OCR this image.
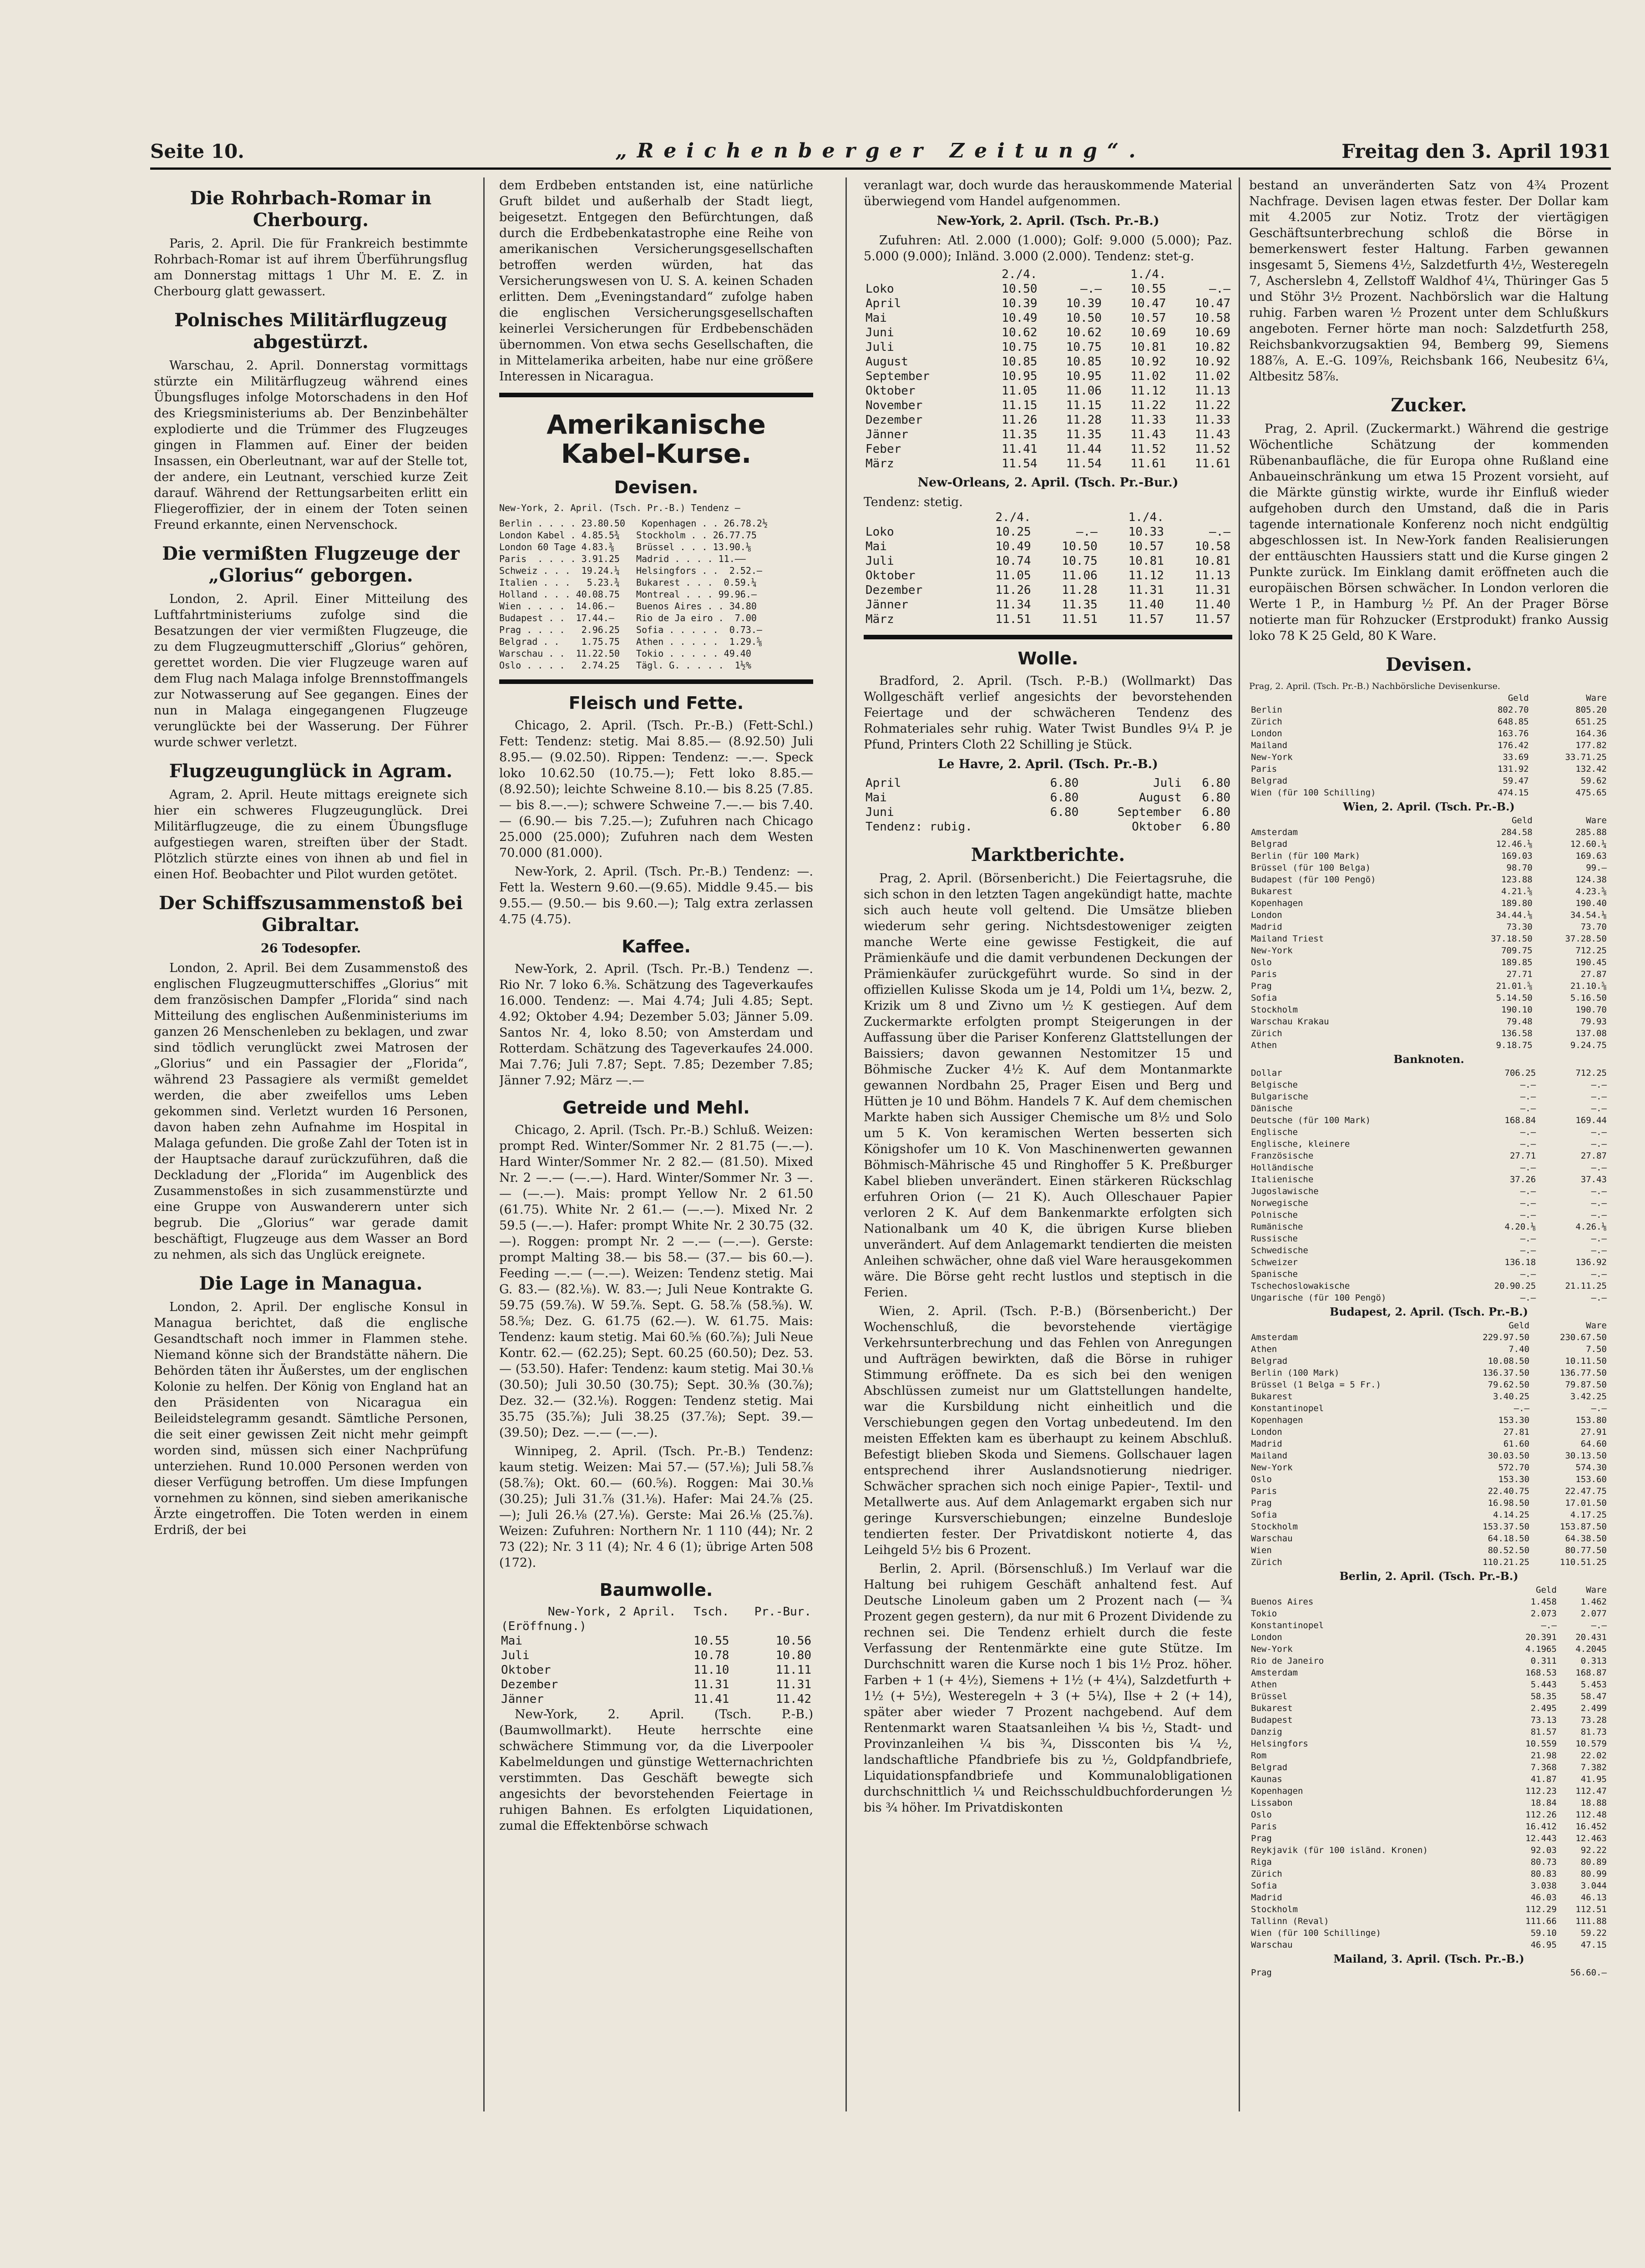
Seite 10.	„Reichenberger Zeitung“.	Freitag den 3. April 1931
Die Rohrbach-Romar in Cherbourg.

Paris, 2. April. Die für Frankreich bestimmte Rohrbach-Romar ist auf ihrem Überführungsflug am Donnerstag mittags 1 Uhr M. E. Z. in Cherbourg glatt gewassert.

Polnisches Militärflugzeug abgestürzt.

Warschau, 2. April. Donnerstag vormittags stürzte ein Militärflugzeug während eines Übungsfluges infolge Motorschadens in den Hof des Kriegsministeriums ab. Der Benzinbehälter explodierte und die Trümmer des Flugzeuges gingen in Flammen auf. Einer der beiden Insassen, ein Oberleutnant, war auf der Stelle tot, der andere, ein Leutnant, verschied kurze Zeit darauf. Während der Rettungsarbeiten erlitt ein Fliegeroffizier, der in einem der Toten seinen Freund erkannte, einen Nervenschock.

Die vermißten Flugzeuge der „Glorius“ geborgen.

London, 2. April. Einer Mitteilung des Luftfahrtministeriums zufolge sind die Besatzungen der vier vermißten Flugzeuge, die zu dem Flugzeugmutterschiff „Glorius“ gehören, gerettet worden. Die vier Flugzeuge waren auf dem Flug nach Malaga infolge Brennstoffmangels zur Notwasserung auf See gegangen. Eines der nun in Malaga eingegangenen Flugzeuge verunglückte bei der Wasserung. Der Führer wurde schwer verletzt.

Flugzeugunglück in Agram.

Agram, 2. April. Heute mittags ereignete sich hier ein schweres Flugzeugunglück. Drei Militärflugzeuge, die zu einem Übungsfluge aufgestiegen waren, streiften über der Stadt. Plötzlich stürzte eines von ihnen ab und fiel in einen Hof. Beobachter und Pilot wurden getötet.

Der Schiffszusammenstoß bei Gibraltar.
26 Todesopfer.

London, 2. April. Bei dem Zusammenstoß des englischen Flugzeugmutterschiffes „Glorius“ mit dem französischen Dampfer „Florida“ sind nach Mitteilung des englischen Außenministeriums im ganzen 26 Menschenleben zu beklagen, und zwar sind tödlich verunglückt zwei Matrosen der „Glorius“ und ein Passagier der „Florida“, während 23 Passagiere als vermißt gemeldet werden, die aber zweifellos ums Leben gekommen sind. Verletzt wurden 16 Personen, davon haben zehn Aufnahme im Hospital in Malaga gefunden. Die große Zahl der Toten ist in der Hauptsache darauf zurückzuführen, daß die Deckladung der „Florida“ im Augenblick des Zusammenstoßes in sich zusammenstürzte und eine Gruppe von Auswanderern unter sich begrub. Die „Glorius“ war gerade damit beschäftigt, Flugzeuge aus dem Wasser an Bord zu nehmen, als sich das Unglück ereignete.

Die Lage in Managua.

London, 2. April. Der englische Konsul in Managua berichtet, daß die englische Gesandtschaft noch immer in Flammen stehe. Niemand könne sich der Brandstätte nähern. Die Behörden täten ihr Äußerstes, um der englischen Kolonie zu helfen. Der König von England hat an den Präsidenten von Nicaragua ein Beileidstelegramm gesandt. Sämtliche Personen, die seit einer gewissen Zeit nicht mehr geimpft worden sind, müssen sich einer Nachprüfung unterziehen. Rund 10.000 Personen werden von dieser Verfügung betroffen. Um diese Impfungen vornehmen zu können, sind sieben amerikanische Ärzte eingetroffen. Die Toten werden in einem Erdriß, der bei

dem Erdbeben entstanden ist, eine natürliche Gruft bildet und außerhalb der Stadt liegt, beigesetzt. Entgegen den Befürchtungen, daß durch die Erdbebenkatastrophe eine Reihe von amerikanischen Versicherungsgesellschaften betroffen werden würden, hat das Versicherungswesen von U. S. A. keinen Schaden erlitten. Dem „Eveningstandard“ zufolge haben die englischen Versicherungsgesellschaften keinerlei Versicherungen für Erdbebenschäden übernommen. Von etwa sechs Gesellschaften, die in Mittelamerika arbeiten, habe nur eine größere Interessen in Nicaragua.

Amerikanische Kabel-Kurse.
Devisen.
New-York, 2. April. (Tsch. Pr.-B.) Tendenz —
Berlin . . . . 23.80.50   Kopenhagen . . 26.78.2½
London Kabel . 4.85.5¾   Stockholm . . 26.77.75
London 60 Tage 4.83.⅜    Brüssel . . . 13.90.⅛
Paris  . . . . 3.91.25   Madrid . . . . 11.——
Schweiz . . .  19.24.¼   Helsingfors . .  2.52.—
Italien . . .   5.23.¾   Bukarest . . .  0.59.¼
Holland . . . 40.08.75   Montreal . . . 99.96.—
Wien . . . .  14.06.—    Buenos Aires . . 34.80
Budapest . .  17.44.—    Rio de Ja eiro .  7.00
Prag . . . .   2.96.25   Sofia . . . . .  0.73.—
Belgrad . .    1.75.75   Athen . . . . .  1.29.⅝
Warschau . .  11.22.50   Tokio . . . . . 49.40
Oslo . . . .   2.74.25   Tägl. G. . . . .  1½%
Fleisch und Fette.

Chicago, 2. April. (Tsch. Pr.-B.) (Fett-Schl.) Fett: Tendenz: stetig. Mai 8.85.— (8.92.50) Juli 8.95.— (9.02.50). Rippen: Tendenz: —.—. Speck loko 10.62.50 (10.75.—); Fett loko 8.85.— (8.92.50); leichte Schweine 8.10.— bis 8.25 (7.85.— bis 8.—.—); schwere Schweine 7.—.— bis 7.40.— (6.90.— bis 7.25.—); Zufuhren nach Chicago 25.000 (25.000); Zufuhren nach dem Westen 70.000 (81.000).

New-York, 2. April. (Tsch. Pr.-B.) Tendenz: —. Fett la. Western 9.60.—(9.65). Middle 9.45.— bis 9.55.— (9.50.— bis 9.60.—); Talg extra zerlassen 4.75 (4.75).

Kaffee.

New-York, 2. April. (Tsch. Pr.-B.) Tendenz —. Rio Nr. 7 loko 6.⅜. Schätzung des Tageverkaufes 16.000. Tendenz: —. Mai 4.74; Juli 4.85; Sept. 4.92; Oktober 4.94; Dezember 5.03; Jänner 5.09. Santos Nr. 4, loko 8.50; von Amsterdam und Rotterdam. Schätzung des Tageverkaufes 24.000. Mai 7.76; Juli 7.87; Sept. 7.85; Dezember 7.85; Jänner 7.92; März —.—

Getreide und Mehl.

Chicago, 2. April. (Tsch. Pr.-B.) Schluß. Weizen: prompt Red. Winter/Sommer Nr. 2 81.75 (—.—). Hard Winter/Sommer Nr. 2 82.— (81.50). Mixed Nr. 2 —.— (—.—). Hard. Winter/Sommer Nr. 3 —.— (—.—). Mais: prompt Yellow Nr. 2 61.50 (61.75). White Nr. 2 61.— (—.—). Mixed Nr. 2 59.5 (—.—). Hafer: prompt White Nr. 2 30.75 (32.—). Roggen: prompt Nr. 2 —.— (—.—). Gerste: prompt Malting 38.— bis 58.— (37.— bis 60.—). Feeding —.— (—.—). Weizen: Tendenz stetig. Mai G. 83.— (82.⅛). W. 83.—; Juli Neue Kontrakte G. 59.75 (59.⅞). W 59.⅞. Sept. G. 58.⅞ (58.⅝). W. 58.⅝; Dez. G. 61.75 (62.—). W. 61.75. Mais: Tendenz: kaum stetig. Mai 60.⅝ (60.⅞); Juli Neue Kontr. 62.— (62.25); Sept. 60.25 (60.50); Dez. 53.— (53.50). Hafer: Tendenz: kaum stetig. Mai 30.⅛ (30.50); Juli 30.50 (30.75); Sept. 30.⅜ (30.⅞); Dez. 32.— (32.⅛). Roggen: Tendenz stetig. Mai 35.75 (35.⅞); Juli 38.25 (37.⅞); Sept. 39.— (39.50); Dez. —.— (—.—).

Winnipeg, 2. April. (Tsch. Pr.-B.) Tendenz: kaum stetig. Weizen: Mai 57.— (57.⅛); Juli 58.⅞ (58.⅞); Okt. 60.— (60.⅝). Roggen: Mai 30.⅛ (30.25); Juli 31.⅞ (31.⅛). Hafer: Mai 24.⅞ (25.—); Juli 26.⅛ (27.⅛). Gerste: Mai 26.⅛ (25.⅞). Weizen: Zufuhren: Northern Nr. 1 110 (44); Nr. 2 73 (22); Nr. 3 11 (4); Nr. 4 6 (1); übrige Arten 508 (172).

Baumwolle.
New-York, 2 April.	Tsch.	Pr.-Bur.
(Eröffnung.)		
Mai	10.55	10.56
Juli	10.78	10.80
Oktober	11.10	11.11
Dezember	11.31	11.31
Jänner	11.41	11.42

New-York, 2. April. (Tsch. P.-B.) (Baumwollmarkt). Heute herrschte eine schwächere Stimmung vor, da die Liverpooler Kabelmeldungen und günstige Wetternachrichten verstimmten. Das Geschäft bewegte sich angesichts der bevorstehenden Feiertage in ruhigen Bahnen. Es erfolgten Liquidationen, zumal die Effektenbörse schwach

veranlagt war, doch wurde das herauskommende Material überwiegend vom Handel aufgenommen.

New-York, 2. April. (Tsch. Pr.-B.)

Zufuhren: Atl. 2.000 (1.000); Golf: 9.000 (5.000); Paz. 5.000 (9.000); Inländ. 3.000 (2.000). Tendenz: stet-g.

	2./4.		1./4.	
Loko	10.50	—.—	10.55	—.—
April	10.39	10.39	10.47	10.47
Mai	10.49	10.50	10.57	10.58
Juni	10.62	10.62	10.69	10.69
Juli	10.75	10.75	10.81	10.82
August	10.85	10.85	10.92	10.92
September	10.95	10.95	11.02	11.02
Oktober	11.05	11.06	11.12	11.13
November	11.15	11.15	11.22	11.22
Dezember	11.26	11.28	11.33	11.33
Jänner	11.35	11.35	11.43	11.43
Feber	11.41	11.44	11.52	11.52
März	11.54	11.54	11.61	11.61
New-Orleans, 2. April. (Tsch. Pr.-Bur.)
Tendenz: stetig.
	2./4.		1./4.	
Loko	10.25	—.—	10.33	—.—
Mai	10.49	10.50	10.57	10.58
Juli	10.74	10.75	10.81	10.81
Oktober	11.05	11.06	11.12	11.13
Dezember	11.26	11.28	11.31	11.31
Jänner	11.34	11.35	11.40	11.40
März	11.51	11.51	11.57	11.57
Wolle.

Bradford, 2. April. (Tsch. P.-B.) (Wollmarkt) Das Wollgeschäft verlief angesichts der bevorstehenden Feiertage und der schwächeren Tendenz des Rohmateriales sehr ruhig. Water Twist Bundles 9¼ P. je Pfund, Printers Cloth 22 Schilling je Stück.

Le Havre, 2. April. (Tsch. Pr.-B.)
April	6.80	Juli	6.80
Mai	6.80	August	6.80
Juni	6.80	September	6.80
Tendenz: rubig.		Oktober	6.80
Marktberichte.

Prag, 2. April. (Börsenbericht.) Die Feiertagsruhe, die sich schon in den letzten Tagen angekündigt hatte, machte sich auch heute voll geltend. Die Umsätze blieben wiederum sehr gering. Nichtsdestoweniger zeigten manche Werte eine gewisse Festigkeit, die auf Prämienkäufe und die damit verbundenen Deckungen der Prämienkäufer zurückgeführt wurde. So sind in der offiziellen Kulisse Skoda um je 14, Poldi um 1¼, bezw. 2, Krizik um 8 und Zivno um ½ K gestiegen. Auf dem Zuckermarkte erfolgten prompt Steigerungen in der Auffassung über die Pariser Konferenz Glattstellungen der Baissiers; davon gewannen Nestomitzer 15 und Böhmische Zucker 4½ K. Auf dem Montanmarkte gewannen Nordbahn 25, Prager Eisen und Berg und Hütten je 10 und Böhm. Handels 7 K. Auf dem chemischen Markte haben sich Aussiger Chemische um 8½ und Solo um 5 K. Von keramischen Werten besserten sich Königshofer um 10 K. Von Maschinenwerten gewannen Böhmisch-Mährische 45 und Ringhoffer 5 K. Preßburger Kabel blieben unverändert. Einen stärkeren Rückschlag erfuhren Orion (— 21 K). Auch Olleschauer Papier verloren 2 K. Auf dem Bankenmarkte erfolgten sich Nationalbank um 40 K, die übrigen Kurse blieben unverändert. Auf dem Anlagemarkt tendierten die meisten Anleihen schwächer, ohne daß viel Ware herausgekommen wäre. Die Börse geht recht lustlos und steptisch in die Ferien.

Wien, 2. April. (Tsch. P.-B.) (Börsenbericht.) Der Wochenschluß, die bevorstehende viertägige Verkehrsunterbrechung und das Fehlen von Anregungen und Aufträgen bewirkten, daß die Börse in ruhiger Stimmung eröffnete. Da es sich bei den wenigen Abschlüssen zumeist nur um Glattstellungen handelte, war die Kursbildung nicht einheitlich und die Verschiebungen gegen den Vortag unbedeutend. Im den meisten Effekten kam es überhaupt zu keinem Abschluß. Befestigt blieben Skoda und Siemens. Gollschauer lagen entsprechend ihrer Auslandsnotierung niedriger. Schwächer sprachen sich noch einige Papier-, Textil- und Metallwerte aus. Auf dem Anlagemarkt ergaben sich nur geringe Kursverschiebungen; einzelne Bundesloje tendierten fester. Der Privatdiskont notierte 4, das Leihgeld 5½ bis 6 Prozent.

Berlin, 2. April. (Börsenschluß.) Im Verlauf war die Haltung bei ruhigem Geschäft anhaltend fest. Auf Deutsche Linoleum gaben um 2 Prozent nach (— ¾ Prozent gegen gestern), da nur mit 6 Prozent Dividende zu rechnen sei. Die Tendenz erhielt durch die feste Verfassung der Rentenmärkte eine gute Stütze. Im Durchschnitt waren die Kurse noch 1 bis 1½ Proz. höher. Farben + 1 (+ 4½), Siemens + 1½ (+ 4¼), Salzdetfurth + 1½ (+ 5½), Westeregeln + 3 (+ 5¼), Ilse + 2 (+ 14), später aber wieder 7 Prozent nachgebend. Auf dem Rentenmarkt waren Staatsanleihen ¼ bis ½, Stadt- und Provinzanleihen ¼ bis ¾, Dissconten bis ¼ ½, landschaftliche Pfandbriefe bis zu ½, Goldpfandbriefe, Liquidationspfandbriefe und Kommunalobligationen durchschnittlich ¼ und Reichsschuldbuchforderungen ½ bis ¾ höher. Im Privatdiskonten

bestand an unveränderten Satz von 4¾ Prozent Nachfrage. Devisen lagen etwas fester. Der Dollar kam mit 4.2005 zur Notiz. Trotz der viertägigen Geschäftsunterbrechung schloß die Börse in bemerkenswert fester Haltung. Farben gewannen insgesamt 5, Siemens 4½, Salzdetfurth 4½, Westeregeln 7, Ascherslebn 4, Zellstoff Waldhof 4¼, Thüringer Gas 5 und Stöhr 3½ Prozent. Nachbörslich war die Haltung ruhig. Farben waren ½ Prozent unter dem Schlußkurs angeboten. Ferner hörte man noch: Salzdetfurth 258, Reichsbankvorzugsaktien 94, Bemberg 99, Siemens 188⅞, A. E.-G. 109⅞, Reichsbank 166, Neubesitz 6¼, Altbesitz 58⅞.

Zucker.

Prag, 2. April. (Zuckermarkt.) Während die gestrige Wöchentliche Schätzung der kommenden Rübenanbaufläche, die für Europa ohne Rußland eine Anbaueinschränkung um etwa 15 Prozent vorsieht, auf die Märkte günstig wirkte, wurde ihr Einfluß wieder aufgehoben durch den Umstand, daß die in Paris tagende internationale Konferenz noch nicht endgültig abgeschlossen ist. In New-York fanden Realisierungen der enttäuschten Haussiers statt und die Kurse gingen 2 Punkte zurück. Im Einklang damit eröffneten auch die europäischen Börsen schwächer. In London verloren die Werte 1 P., in Hamburg ½ Pf. An der Prager Börse notierte man für Rohzucker (Erstprodukt) franko Aussig loko 78 K 25 Geld, 80 K Ware.

Devisen.
Prag, 2. April. (Tsch. Pr.-B.) Nachbörsliche Devisenkurse.
	Geld	Ware
Berlin	802.70	805.20
Zürich	648.85	651.25
London	163.76	164.36
Mailand	176.42	177.82
New-York	33.69	33.71.25
Paris	131.92	132.42
Belgrad	59.47	59.62
Wien (für 100 Schilling)	474.15	475.65
Wien, 2. April. (Tsch. Pr.-B.)
	Geld	Ware
Amsterdam	284.58	285.88
Belgrad	12.46.⅛	12.60.¼
Berlin (für 100 Mark)	169.03	169.63
Brüssel (für 100 Belga)	98.70	99.—
Budapest (für 100 Pengö)	123.88	124.38
Bukarest	4.21.⅝	4.23.⅝
Kopenhagen	189.80	190.40
London	34.44.⅛	34.54.⅛
Madrid	73.30	73.70
Mailand Triest	37.18.50	37.28.50
New-York	709.75	712.25
Oslo	189.85	190.45
Paris	27.71	27.87
Prag	21.01.⅝	21.10.⅝
Sofia	5.14.50	5.16.50
Stockholm	190.10	190.70
Warschau Krakau	79.48	79.93
Zürich	136.58	137.08
Athen	9.18.75	9.24.75
Banknoten.
Dollar	706.25	712.25
Belgische	—.—	—.—
Bulgarische	—.—	—.—
Dänische	—.—	—.—
Deutsche (für 100 Mark)	168.84	169.44
Englische	—.—	—.—
Englische, kleinere	—.—	—.—
Französische	27.71	27.87
Holländische	—.—	—.—
Italienische	37.26	37.43
Jugoslawische	—.—	—.—
Norwegische	—.—	—.—
Polnische	—.—	—.—
Rumänische	4.20.⅛	4.26.⅛
Russische	—.—	—.—
Schwedische	—.—	—.—
Schweizer	136.18	136.92
Spanische	—.—	—.—
Tschechoslowakische	20.90.25	21.11.25
Ungarische (für 100 Pengö)	—.—	—.—
Budapest, 2. April. (Tsch. Pr.-B.)
	Geld	Ware
Amsterdam	229.97.50	230.67.50
Athen	7.40	7.50
Belgrad	10.08.50	10.11.50
Berlin (100 Mark)	136.37.50	136.77.50
Brüssel (1 Belga = 5 Fr.)	79.62.50	79.87.50
Bukarest	3.40.25	3.42.25
Konstantinopel	—.—	—.—
Kopenhagen	153.30	153.80
London	27.81	27.91
Madrid	61.60	64.60
Mailand	30.03.50	30.13.50
New-York	572.70	574.30
Oslo	153.30	153.60
Paris	22.40.75	22.47.75
Prag	16.98.50	17.01.50
Sofia	4.14.25	4.17.25
Stockholm	153.37.50	153.87.50
Warschau	64.18.50	64.38.50
Wien	80.52.50	80.77.50
Zürich	110.21.25	110.51.25
Berlin, 2. April. (Tsch. Pr.-B.)
	Geld	Ware
Buenos Aires	1.458	1.462
Tokio	2.073	2.077
Konstantinopel	—.—	—.—
London	20.391	20.431
New-York	4.1965	4.2045
Rio de Janeiro	0.311	0.313
Amsterdam	168.53	168.87
Athen	5.443	5.453
Brüssel	58.35	58.47
Bukarest	2.495	2.499
Budapest	73.13	73.28
Danzig	81.57	81.73
Helsingfors	10.559	10.579
Rom	21.98	22.02
Belgrad	7.368	7.382
Kaunas	41.87	41.95
Kopenhagen	112.23	112.47
Lissabon	18.84	18.88
Oslo	112.26	112.48
Paris	16.412	16.452
Prag	12.443	12.463
Reykjavik (für 100 isländ. Kronen)	92.03	92.22
Riga	80.73	80.89
Zürich	80.83	80.99
Sofia	3.038	3.044
Madrid	46.03	46.13
Stockholm	112.29	112.51
Tallinn (Reval)	111.66	111.88
Wien (für 100 Schillinge)	59.10	59.22
Warschau	46.95	47.15
Mailand, 3. April. (Tsch. Pr.-B.)
Prag		56.60.—
